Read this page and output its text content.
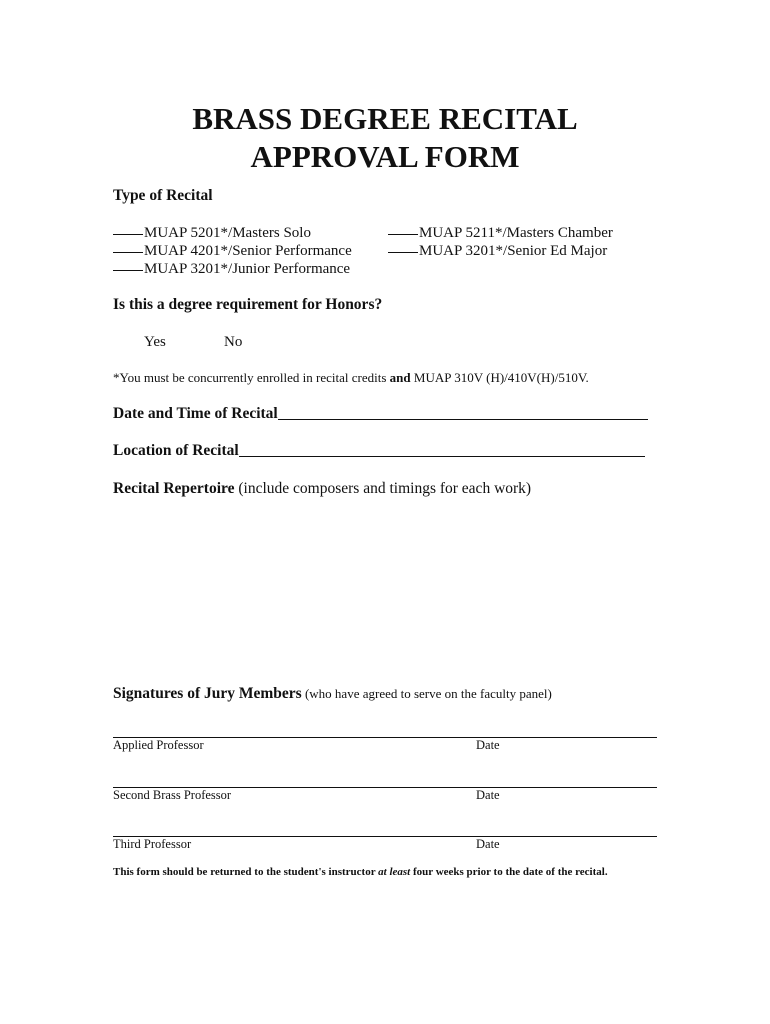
BRASS DEGREE RECITAL
APPROVAL FORM
Type of Recital
MUAP 5201*/Masters Solo
MUAP 4201*/Senior Performance
MUAP 3201*/Junior Performance
MUAP 5211*/Masters Chamber
MUAP 3201*/Senior Ed Major
Is this a degree requirement for Honors?
Yes	No
*You must be concurrently enrolled in recital credits and MUAP 310V (H)/410V(H)/510V.
Date and Time of Recital
Location of Recital
Recital Repertoire (include composers and timings for each work)
Signatures of Jury Members (who have agreed to serve on the faculty panel)
Applied Professor	Date
Second Brass Professor	Date
Third Professor	Date
This form should be returned to the student's instructor at least four weeks prior to the date of the recital.
